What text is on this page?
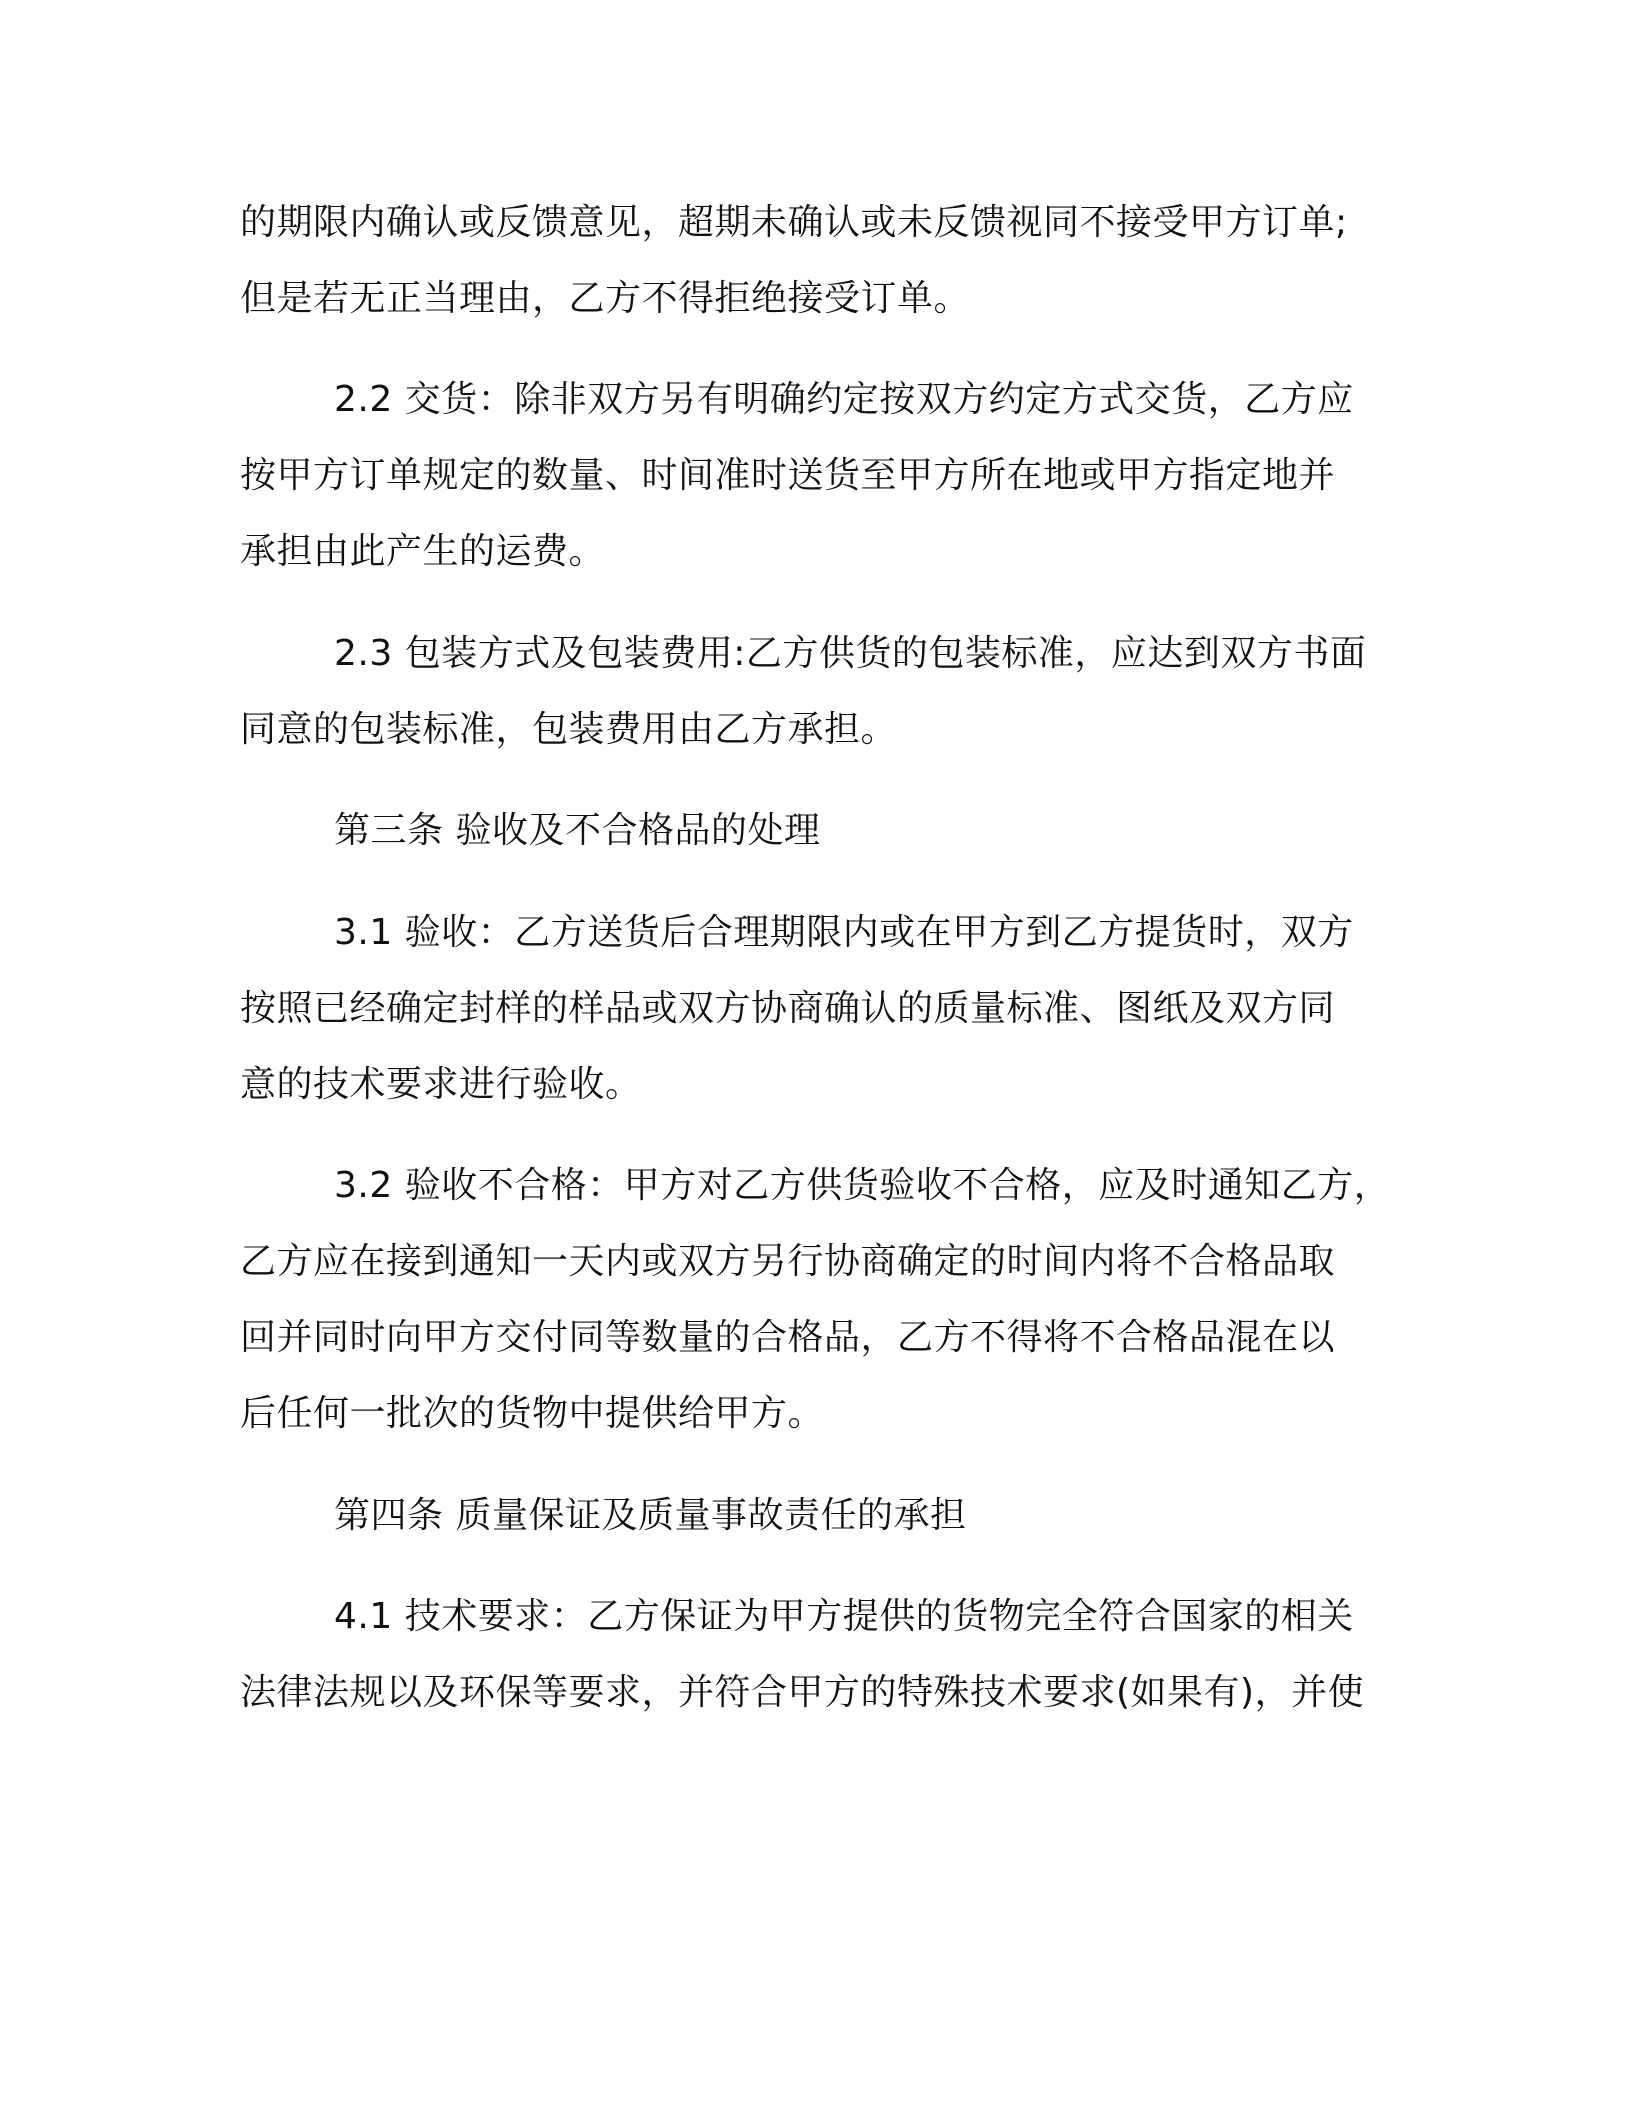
的期限内确认或反馈意见，超期未确认或未反馈视同不接受甲方订单;
但是若无正当理由，乙方不得拒绝接受订单。
2.2 交货：除非双方另有明确约定按双方约定方式交货，乙方应
按甲方订单规定的数量、时间准时送货至甲方所在地或甲方指定地并
承担由此产生的运费。
2.3 包装方式及包装费用:乙方供货的包装标准，应达到双方书面
同意的包装标准，包装费用由乙方承担。
第三条 验收及不合格品的处理
3.1 验收：乙方送货后合理期限内或在甲方到乙方提货时，双方
按照已经确定封样的样品或双方协商确认的质量标准、图纸及双方同
意的技术要求进行验收。
3.2 验收不合格：甲方对乙方供货验收不合格，应及时通知乙方，
乙方应在接到通知一天内或双方另行协商确定的时间内将不合格品取
回并同时向甲方交付同等数量的合格品，乙方不得将不合格品混在以
后任何一批次的货物中提供给甲方。
第四条 质量保证及质量事故责任的承担
4.1 技术要求：乙方保证为甲方提供的货物完全符合国家的相关
法律法规以及环保等要求，并符合甲方的特殊技术要求(如果有)，并使
